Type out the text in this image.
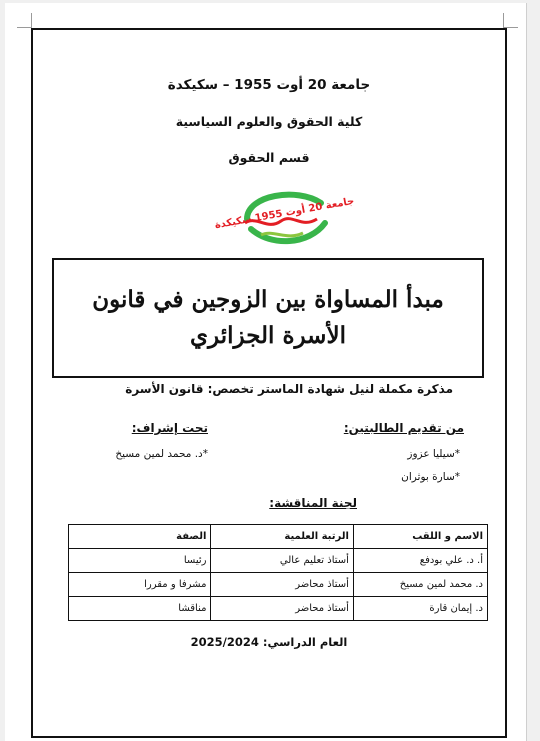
جامعة 20 أوت 1955 – سكيكدة
كلية الحقوق والعلوم السياسية
قسم الحقوق
جامعة 20 أوت 1955 سكيكدة
مبدأ المساواة بين الزوجين في قانون الأسرة الجزائري
مذكرة مكملة لنيل شهادة الماستر تخصص: قانون الأسرة
من تقديم الطالبتين:
تحت إشراف:
*سيليا عزوز
*د. محمد لمين مسيخ
*سارة بوثران
لجنة المناقشة:
الاسم و اللقب	الرتبة العلمية	الصفة
أ. د. علي بودفع	أستاذ تعليم عالي	رئيسا
د. محمد لمين مسيخ	أستاذ محاضر	مشرفا و مقررا
د. إيمان قارة	أستاذ محاضر	مناقشا
العام الدراسي: 2025/2024
